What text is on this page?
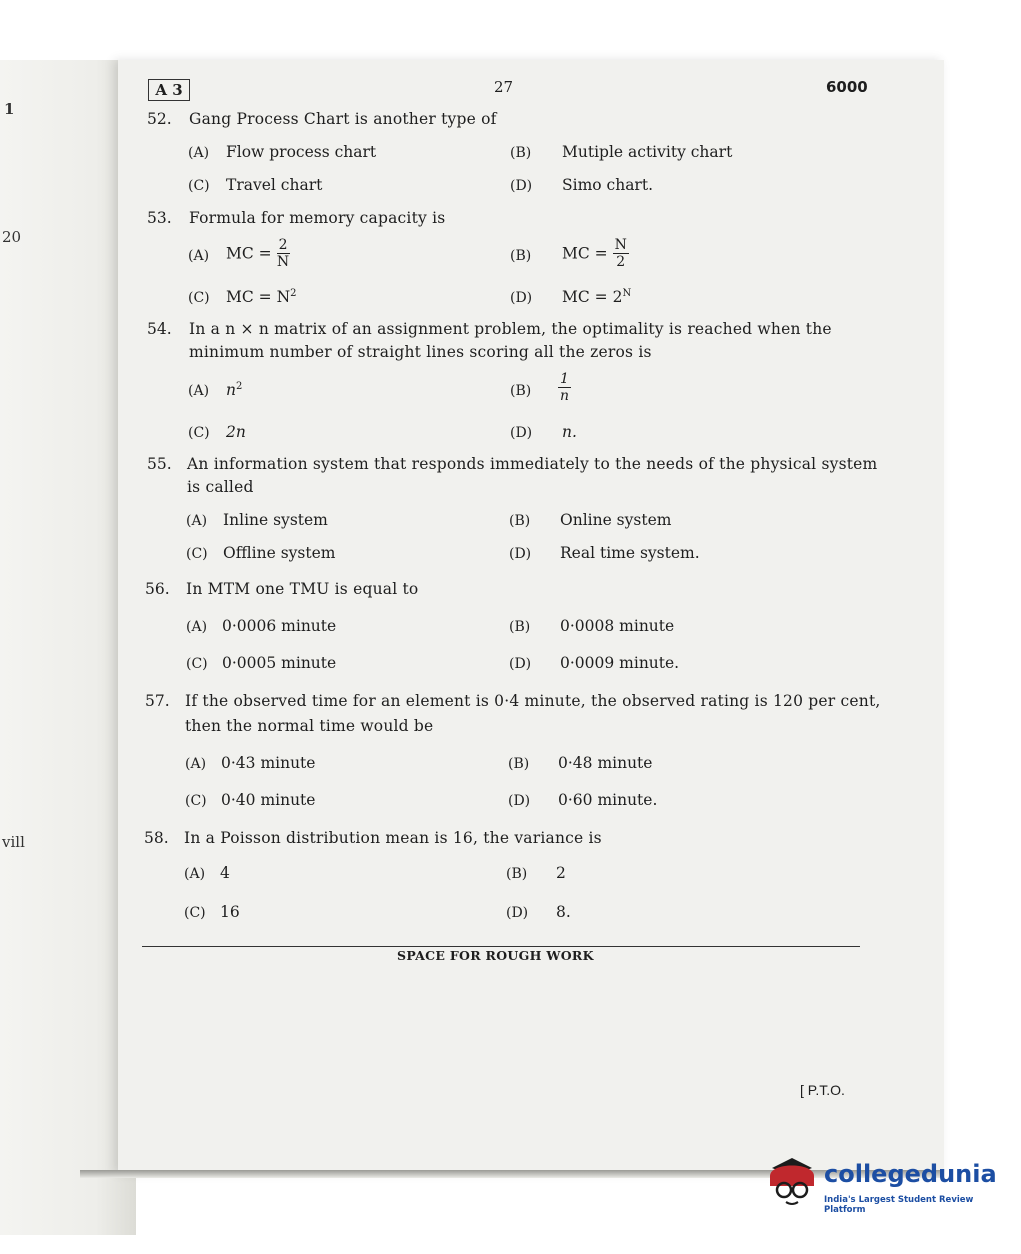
1
20
vill
A 3	27	6000
52. Gang Process Chart is another type of
(A) Flow process chart	(B) Mutiple activity chart
(C) Travel chart	(D) Simo chart.
53. Formula for memory capacity is
(A) MC = $\frac{2}{N}$	(B) MC = $\frac{N}{2}$
(C) MC = $N^2$	(D) MC = $2^N$
54. In a n × n matrix of an assignment problem, the optimality is reached when the
minimum number of straight lines scoring all the zeros is
(A) $n^2$	$(B) \frac{1}{n}$
(C) 2n	(D) n.
55. An information system that responds immediately to the needs of the physical system
is called
(A) Inline system	(B) Online system
(C) Offline system	(D) Real time system.
56. In MTM one TMU is equal to
(A) 0·0006 minute	(B) 0·0008 minute
(C) 0·0005 minute	(D) 0·0009 minute.
57. If the observed time for an element is 0·4 minute, the observed rating is 120 per cent,
then the normal time would be
(A) 0·43 minute	(B) 0·48 minute
(C) 0·40 minute	(D) 0·60 minute.
58. In a Poisson distribution mean is 16, the variance is
(A) 4	(B) 2
(C) 16	(D) 8.
SPACE FOR ROUGH WORK
[ P.T.O.
collegedunia
India's Largest Student Review Platform
